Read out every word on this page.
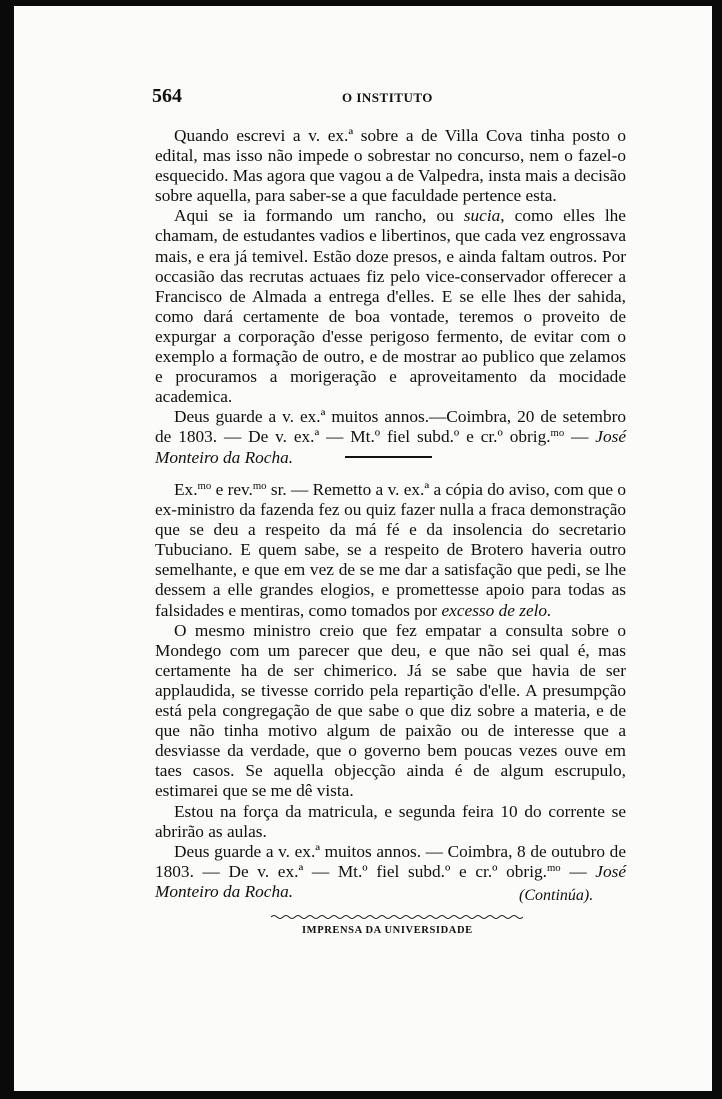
564	O INSTITUTO

Quando escrevi a v. ex.ª sobre a de Villa Cova tinha posto o edital, mas isso não impede o sobrestar no concurso, nem o fazel-o esquecido. Mas agora que vagou a de Valpedra, insta mais a decisão sobre aquella, para saber-se a que faculdade pertence esta.

Aqui se ia formando um rancho, ou sucia, como elles lhe chamam, de estudantes vadios e libertinos, que cada vez engrossava mais, e era já temivel. Estão doze presos, e ainda faltam outros. Por occasião das recrutas actuaes fiz pelo vice-conservador offerecer a Francisco de Almada a entrega d'elles. E se elle lhes der sahida, como dará certamente de boa vontade, teremos o proveito de expurgar a corporação d'esse perigoso fermento, de evitar com o exemplo a formação de outro, e de mostrar ao publico que zelamos e procuramos a morigeração e aproveitamento da mocidade academica.

Deus guarde a v. ex.ª muitos annos.—Coimbra, 20 de setembro de 1803. — De v. ex.ª — Mt.º fiel subd.º e cr.º obrig.$^{mo}$ — José Monteiro da Rocha.

Ex.$^{mo}$ e rev.$^{mo}$ sr. — Remetto a v. ex.ª a cópia do aviso, com que o ex-ministro da fazenda fez ou quiz fazer nulla a fraca demonstração que se deu a respeito da má fé e da insolencia do secretario Tubuciano. E quem sabe, se a respeito de Brotero haveria outro semelhante, e que em vez de se me dar a satisfação que pedi, se lhe dessem a elle grandes elogios, e promettesse apoio para todas as falsidades e mentiras, como tomados por excesso de zelo.

O mesmo ministro creio que fez empatar a consulta sobre o Mondego com um parecer que deu, e que não sei qual é, mas certamente ha de ser chimerico. Já se sabe que havia de ser applaudida, se tivesse corrido pela repartição d'elle. A presumpção está pela congregação de que sabe o que diz sobre a materia, e de que não tinha motivo algum de paixão ou de interesse que a desviasse da verdade, que o governo bem poucas vezes ouve em taes casos. Se aquella objecção ainda é de algum escrupulo, estimarei que se me dê vista.

Estou na força da matricula, e segunda feira 10 do corrente se abrirão as aulas.

Deus guarde a v. ex.ª muitos annos. — Coimbra, 8 de outubro de 1803. — De v. ex.ª — Mt.º fiel subd.º e cr.º obrig.$^{mo}$ — José Monteiro da Rocha.	(Continúa).
IMPRENSA DA UNIVERSIDADE
